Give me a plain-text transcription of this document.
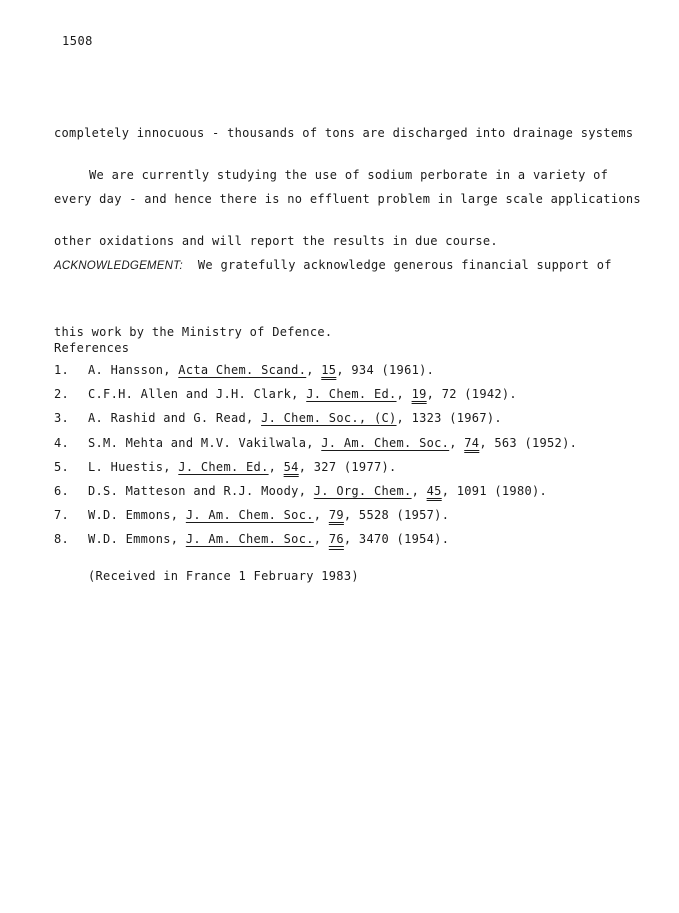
1508

completely innocuous - thousands of tons are discharged into drainage systems

every day - and hence there is no effluent problem in large scale applications

We are currently studying the use of sodium perborate in a variety of

other oxidations and will report the results in due course.

ACKNOWLEDGEMENT:  We gratefully acknowledge generous financial support of

this work by the Ministry of Defence.

References
1. A. Hansson, Acta Chem. Scand., 15, 934 (1961).
2. C.F.H. Allen and J.H. Clark, J. Chem. Ed., 19, 72 (1942).
3. A. Rashid and G. Read, J. Chem. Soc., (C), 1323 (1967).
4. S.M. Mehta and M.V. Vakilwala, J. Am. Chem. Soc., 74, 563 (1952).
5. L. Huestis, J. Chem. Ed., 54, 327 (1977).
6. D.S. Matteson and R.J. Moody, J. Org. Chem., 45, 1091 (1980).
7. W.D. Emmons, J. Am. Chem. Soc., 79, 5528 (1957).
8. W.D. Emmons, J. Am. Chem. Soc., 76, 3470 (1954).
(Received in France 1 February 1983)
